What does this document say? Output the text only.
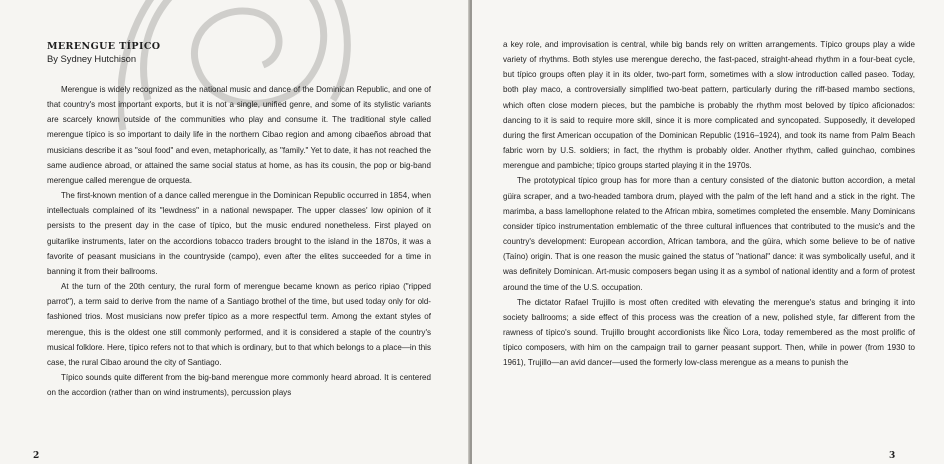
MERENGUE TÍPICO
By Sydney Hutchison

Merengue is widely recognized as the national music and dance of the Dominican Republic, and one of that country's most important exports, but it is not a single, unified genre, and some of its stylistic variants are scarcely known outside of the communities who play and consume it. The traditional style called merengue típico is so important to daily life in the northern Cibao region and among cibaeños abroad that musicians describe it as "soul food" and even, metaphorically, as "family." Yet to date, it has not reached the same audience abroad, or attained the same social status at home, as has its cousin, the pop or big-band merengue called merengue de orquesta.

The first-known mention of a dance called merengue in the Dominican Republic occurred in 1854, when intellectuals complained of its "lewdness" in a national newspaper. The upper classes' low opinion of it persists to the present day in the case of típico, but the music endured nonetheless. First played on guitarlike instruments, later on the accordions tobacco traders brought to the island in the 1870s, it was a favorite of peasant musicians in the countryside (campo), even after the elites succeeded for a time in banning it from their ballrooms.

At the turn of the 20th century, the rural form of merengue became known as perico ripiao ("ripped parrot"), a term said to derive from the name of a Santiago brothel of the time, but used today only for old-fashioned trios. Most musicians now prefer típico as a more respectful term. Among the extant styles of merengue, this is the oldest one still commonly performed, and it is considered a staple of the country's musical folklore. Here, típico refers not to that which is ordinary, but to that which belongs to a place—in this case, the rural Cibao around the city of Santiago.

Típico sounds quite different from the big-band merengue more commonly heard abroad. It is centered on the accordion (rather than on wind instruments), percussion plays

2

a key role, and improvisation is central, while big bands rely on written arrangements. Típico groups play a wide variety of rhythms. Both styles use merengue derecho, the fast-paced, straight-ahead rhythm in a four-beat cycle, but típico groups often play it in its older, two-part form, sometimes with a slow introduction called paseo. Today, both play maco, a controversially simplified two-beat pattern, particularly during the riff-based mambo sections, which often close modern pieces, but the pambiche is probably the rhythm most beloved by típico aficionados: dancing to it is said to require more skill, since it is more complicated and syncopated. Supposedly, it developed during the first American occupation of the Dominican Republic (1916–1924), and took its name from Palm Beach fabric worn by U.S. soldiers; in fact, the rhythm is probably older. Another rhythm, called guinchao, combines merengue and pambiche; típico groups started playing it in the 1970s.

The prototypical típico group has for more than a century consisted of the diatonic button accordion, a metal güira scraper, and a two-headed tambora drum, played with the palm of the left hand and a stick in the right. The marimba, a bass lamellophone related to the African mbira, sometimes completed the ensemble. Many Dominicans consider típico instrumentation emblematic of the three cultural influences that contributed to the music's and the country's development: European accordion, African tambora, and the güira, which some believe to be of native (Taíno) origin. That is one reason the music gained the status of "national" dance: it was symbolically useful, and it was definitely Dominican. Art-music composers began using it as a symbol of national identity and a form of protest around the time of the U.S. occupation.

The dictator Rafael Trujillo is most often credited with elevating the merengue's status and bringing it into society ballrooms; a side effect of this process was the creation of a new, polished style, far different from the rawness of típico's sound. Trujillo brought accordionists like Ñico Lora, today remembered as the most prolific of típico composers, with him on the campaign trail to garner peasant support. Then, while in power (from 1930 to 1961), Trujillo—an avid dancer—used the formerly low-class merengue as a means to punish the

3
